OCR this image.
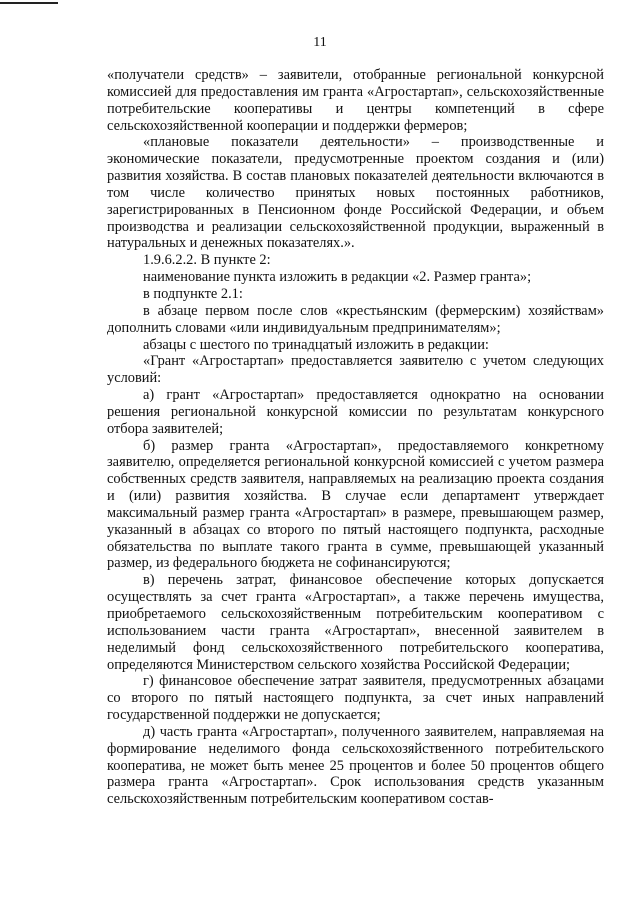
11

«получатели средств» – заявители, отобранные региональной конкурсной комиссией для предоставления им гранта «Агростартап», сельскохозяйственные потребительские кооперативы и центры компетенций в сфере сельскохозяйственной кооперации и поддержки фермеров;

«плановые показатели деятельности» – производственные и экономические показатели, предусмотренные проектом создания и (или) развития хозяйства. В состав плановых показателей деятельности включаются в том числе количество принятых новых постоянных работников, зарегистрированных в Пенсионном фонде Российской Федерации, и объем производства и реализации сельскохозяйственной продукции, выраженный в натуральных и денежных показателях.».

1.9.6.2.2. В пункте 2:

наименование пункта изложить в редакции «2. Размер гранта»;

в подпункте 2.1:

в абзаце первом после слов «крестьянским (фермерским) хозяйствам» дополнить словами «или индивидуальным предпринимателям»;

абзацы с шестого по тринадцатый изложить в редакции:

«Грант «Агростартап» предоставляется заявителю с учетом следующих условий:

а) грант «Агростартап» предоставляется однократно на основании решения региональной конкурсной комиссии по результатам конкурсного отбора заявителей;

б) размер гранта «Агростартап», предоставляемого конкретному заявителю, определяется региональной конкурсной комиссией с учетом размера собственных средств заявителя, направляемых на реализацию проекта создания и (или) развития хозяйства. В случае если департамент утверждает максимальный размер гранта «Агростартап» в размере, превышающем размер, указанный в абзацах со второго по пятый настоящего подпункта, расходные обязательства по выплате такого гранта в сумме, превышающей указанный размер, из федерального бюджета не софинансируются;

в) перечень затрат, финансовое обеспечение которых допускается осуществлять за счет гранта «Агростартап», а также перечень имущества, приобретаемого сельскохозяйственным потребительским кооперативом с использованием части гранта «Агростартап», внесенной заявителем в неделимый фонд сельскохозяйственного потребительского кооператива, определяются Министерством сельского хозяйства Российской Федерации;

г) финансовое обеспечение затрат заявителя, предусмотренных абзацами со второго по пятый настоящего подпункта, за счет иных направлений государственной поддержки не допускается;

д) часть гранта «Агростартап», полученного заявителем, направляемая на формирование неделимого фонда сельскохозяйственного потребительского кооператива, не может быть менее 25 процентов и более 50 процентов общего размера гранта «Агростартап». Срок использования средств указанным сельскохозяйственным потребительским кооперативом состав-
